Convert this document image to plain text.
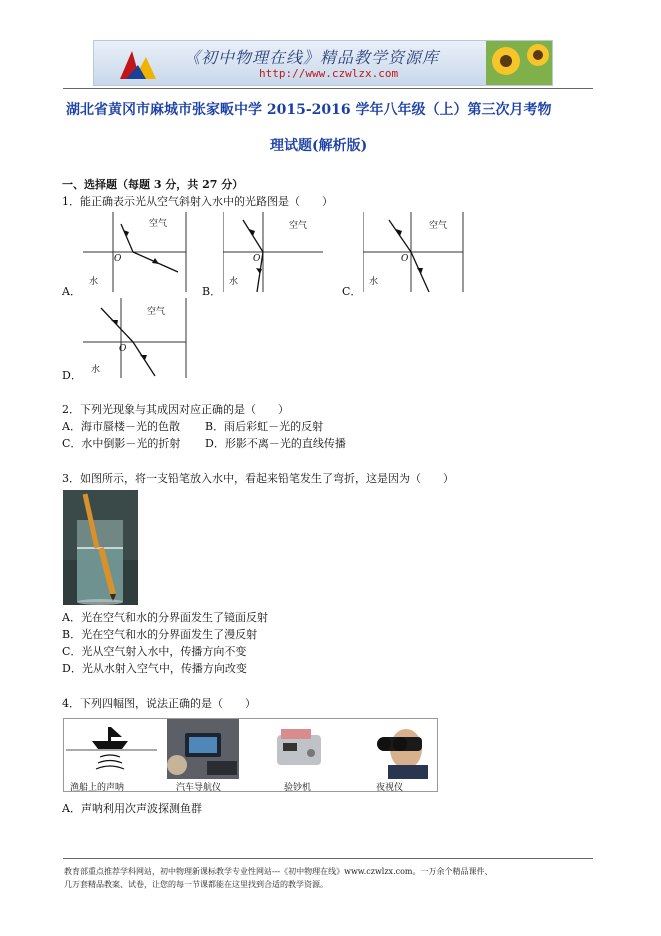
《初中物理在线》精品教学资源库
http://www.czwlzx.com
湖北省黄冈市麻城市张家畈中学 2015-2016 学年八年级（上）第三次月考物
理试题(解析版)
一、选择题（每题 3 分，共 27 分）
1．能正确表示光从空气斜射入水中的光路图是（　　）
空气
O
水
A．
空气
O
水
B．
空气
O
水
C．
空气
O
水
D．
2．下列光现象与其成因对应正确的是（　　）
A．海市蜃楼－光的色散 B．雨后彩虹－光的反射
C．水中倒影－光的折射 D．形影不离－光的直线传播
3．如图所示，将一支铅笔放入水中，看起来铅笔发生了弯折，这是因为（　　）
A．光在空气和水的分界面发生了镜面反射
B．光在空气和水的分界面发生了漫反射
C．光从空气射入水中，传播方向不变
D．光从水射入空气中，传播方向改变
4．下列四幅图，说法正确的是（　　）
渔船上的声呐	汽车导航仪	验钞机	夜视仪
A．声呐利用次声波探测鱼群
教育部重点推荐学科网站，初中物理新课标教学专业性网站---《初中物理在线》www.czwlzx.com。一万余个精品课件、
几万套精品教案、试卷，让您的每一节课都能在这里找到合适的教学资源。
